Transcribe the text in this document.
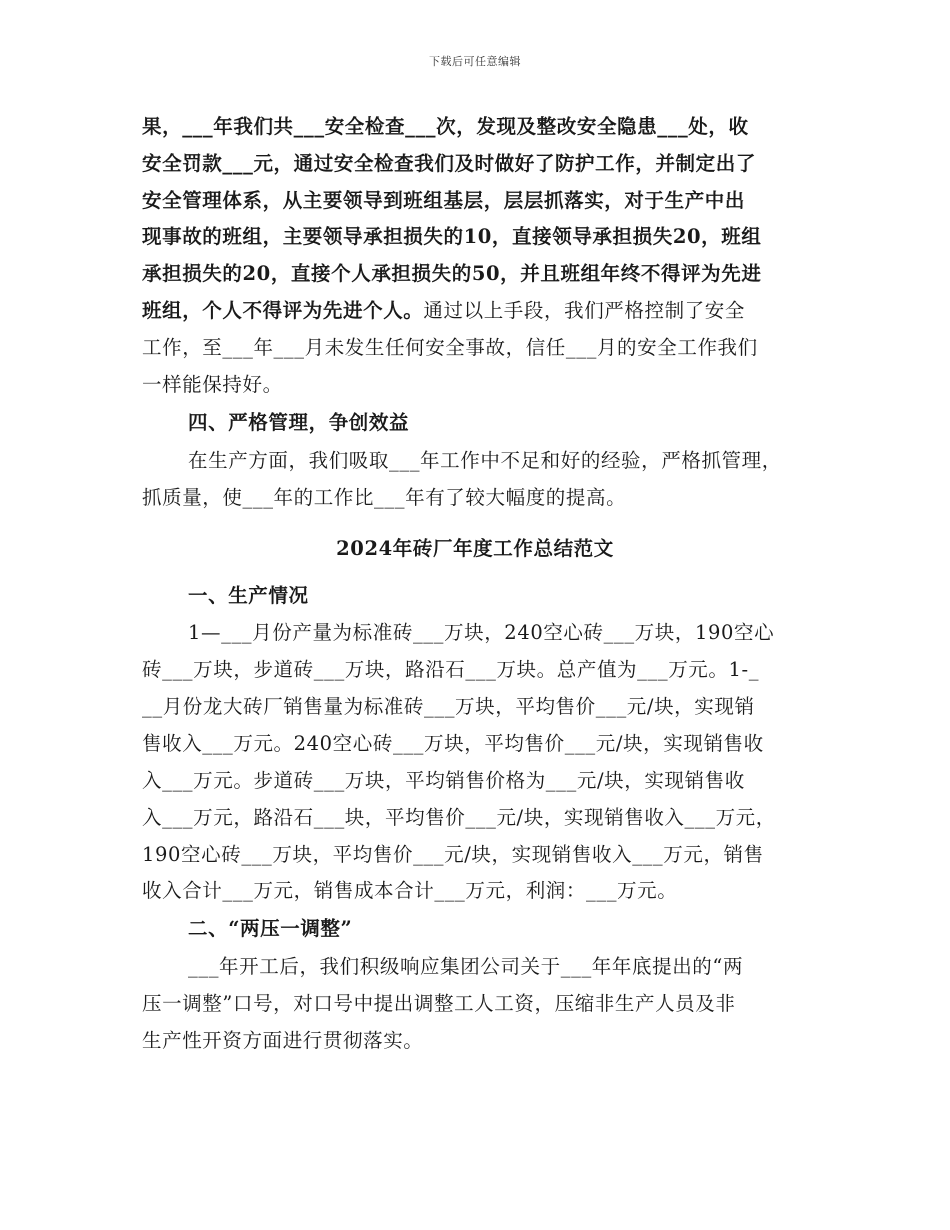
下载后可任意编辑
果，___年我们共___安全检查___次，发现及整改安全隐患___处，收
安全罚款___元，通过安全检查我们及时做好了防护工作，并制定出了
安全管理体系，从主要领导到班组基层，层层抓落实，对于生产中出
现事故的班组，主要领导承担损失的10，直接领导承担损失20，班组
承担损失的20，直接个人承担损失的50，并且班组年终不得评为先进
班组，个人不得评为先进个人。通过以上手段，我们严格控制了安全
工作，至___年___月未发生任何安全事故，信任___月的安全工作我们
一样能保持好。
四、严格管理，争创效益
在生产方面，我们吸取___年工作中不足和好的经验，严格抓管理，
抓质量，使___年的工作比___年有了较大幅度的提高。
2024年砖厂年度工作总结范文
一、生产情况
1—___月份产量为标准砖___万块，240空心砖___万块，190空心
砖___万块，步道砖___万块，路沿石___万块。总产值为___万元。1-_
__月份龙大砖厂销售量为标准砖___万块，平均售价___元/块，实现销
售收入___万元。240空心砖___万块，平均售价___元/块，实现销售收
入___万元。步道砖___万块，平均销售价格为___元/块，实现销售收
入___万元，路沿石___块，平均售价___元/块，实现销售收入___万元，
190空心砖___万块，平均售价___元/块，实现销售收入___万元，销售
收入合计___万元，销售成本合计___万元，利润：___万元。
二、“两压一调整”
___年开工后，我们积级响应集团公司关于___年年底提出的“两
压一调整”口号，对口号中提出调整工人工资，压缩非生产人员及非
生产性开资方面进行贯彻落实。
